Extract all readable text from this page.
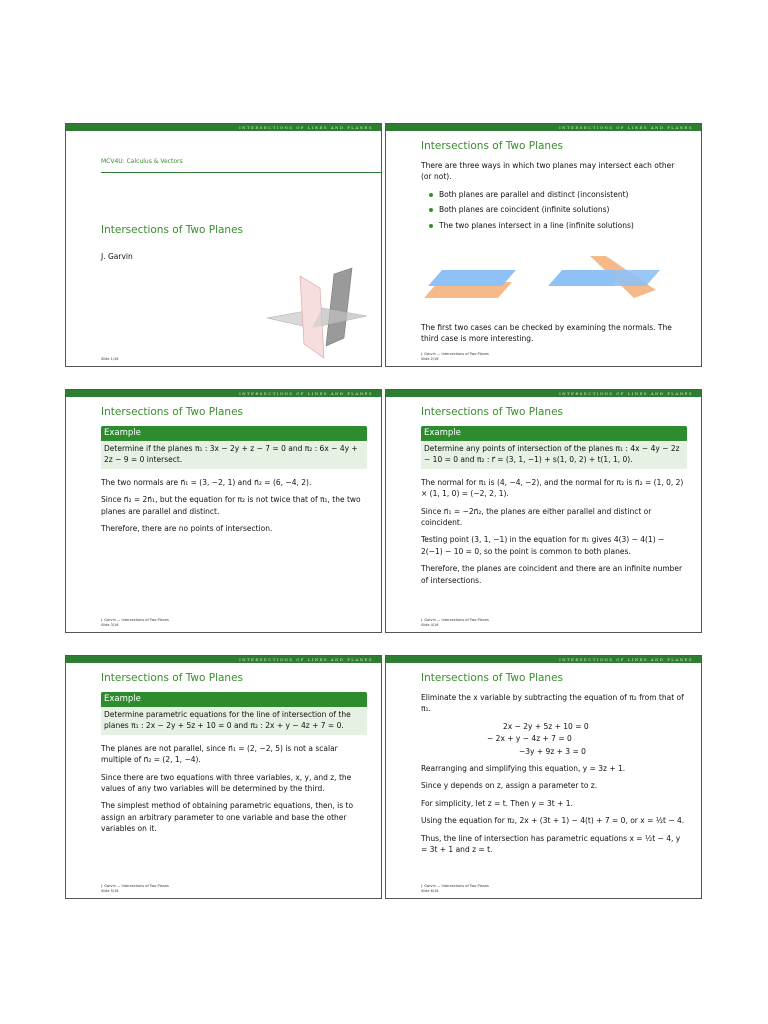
INTERSECTIONS OF LINES AND PLANES
MCV4U: Calculus & Vectors
Intersections of Two Planes
J. Garvin
Slide 1/16
INTERSECTIONS OF LINES AND PLANES
Intersections of Two Planes

There are three ways in which two planes may intersect each other (or not).

Both planes are parallel and distinct (inconsistent)
Both planes are coincident (infinite solutions)
The two planes intersect in a line (infinite solutions)
The first two cases can be checked by examining the normals. The third case is more interesting.
J. Garvin — Intersections of Two Planes
Slide 2/16
INTERSECTIONS OF LINES AND PLANES
Intersections of Two Planes
Example
Determine if the planes π₁ : 3x − 2y + z − 7 = 0 and π₂ : 6x − 4y + 2z − 9 = 0 intersect.

The two normals are n⃗₁ = (3, −2, 1) and n⃗₂ = (6, −4, 2).

Since n⃗₂ = 2n⃗₁, but the equation for π₂ is not twice that of π₁, the two planes are parallel and distinct.

Therefore, there are no points of intersection.

J. Garvin — Intersections of Two Planes
Slide 3/16
INTERSECTIONS OF LINES AND PLANES
Intersections of Two Planes
Example
Determine any points of intersection of the planes π₁ : 4x − 4y − 2z − 10 = 0 and π₂ : r⃗ = (3, 1, −1) + s(1, 0, 2) + t(1, 1, 0).

The normal for π₁ is (4, −4, −2), and the normal for π₂ is n⃗₂ = (1, 0, 2) × (1, 1, 0) = (−2, 2, 1).

Since n⃗₁ = −2n⃗₂, the planes are either parallel and distinct or coincident.

Testing point (3, 1, −1) in the equation for π₁ gives 4(3) − 4(1) − 2(−1) − 10 = 0, so the point is common to both planes.

Therefore, the planes are coincident and there are an infinite number of intersections.

J. Garvin — Intersections of Two Planes
Slide 4/16
INTERSECTIONS OF LINES AND PLANES
Intersections of Two Planes
Example
Determine parametric equations for the line of intersection of the planes π₁ : 2x − 2y + 5z + 10 = 0 and π₂ : 2x + y − 4z + 7 = 0.

The planes are not parallel, since n⃗₁ = (2, −2, 5) is not a scalar multiple of n⃗₂ = (2, 1, −4).

Since there are two equations with three variables, x, y, and z, the values of any two variables will be determined by the third.

The simplest method of obtaining parametric equations, then, is to assign an arbitrary parameter to one variable and base the other variables on it.

J. Garvin — Intersections of Two Planes
Slide 5/16
INTERSECTIONS OF LINES AND PLANES
Intersections of Two Planes

Eliminate the x variable by subtracting the equation of π₂ from that of π₁.

2x − 2y + 5z + 10 = 0
− 2x + y − 4z + 7 = 0
−3y + 9z + 3 = 0

Rearranging and simplifying this equation, y = 3z + 1.

Since y depends on z, assign a parameter to z.

For simplicity, let z = t. Then y = 3t + 1.

Using the equation for π₂, 2x + (3t + 1) − 4(t) + 7 = 0, or x = ½t − 4.

Thus, the line of intersection has parametric equations x = ½t − 4, y = 3t + 1 and z = t.

J. Garvin — Intersections of Two Planes
Slide 6/16
